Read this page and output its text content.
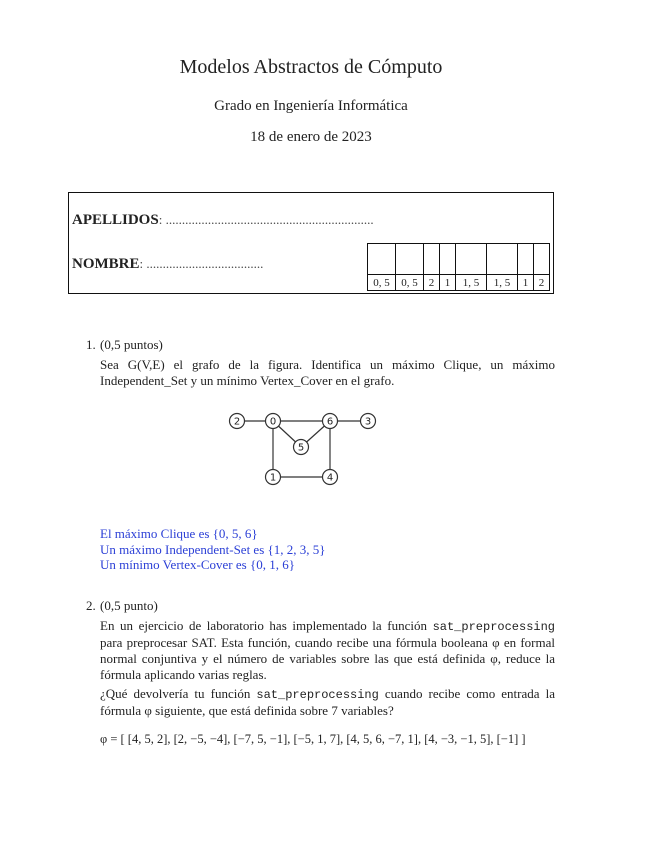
Modelos Abstractos de Cómputo
Grado en Ingeniería Informática
18 de enero de 2023
APELLIDOS: ................................................................
NOMBRE: ....................................

0, 5	0, 5	2	1	1, 5	1, 5	1	2
1. (0,5 puntos)
Sea G(V,E) el grafo de la figura. Identifica un máximo Clique, un máximo Independent_Set y un mínimo Vertex_Cover en el grafo.
2	0	6	3
5
1	4
El máximo Clique es {0, 5, 6}
Un máximo Independent-Set es {1, 2, 3, 5}
Un mínimo Vertex-Cover es {0, 1, 6}
2. (0,5 punto)
En un ejercicio de laboratorio has implementado la función sat_preprocessing para preprocesar SAT. Esta función, cuando recibe una fórmula booleana φ en formal normal conjuntiva y el número de variables sobre las que está definida φ, reduce la fórmula aplicando varias reglas.
¿Qué devolvería tu función sat_preprocessing cuando recibe como entrada la fórmula φ siguiente, que está definida sobre 7 variables?
φ = [ [4, 5, 2], [2, −5, −4], [−7, 5, −1], [−5, 1, 7], [4, 5, 6, −7, 1], [4, −3, −1, 5], [−1] ]
